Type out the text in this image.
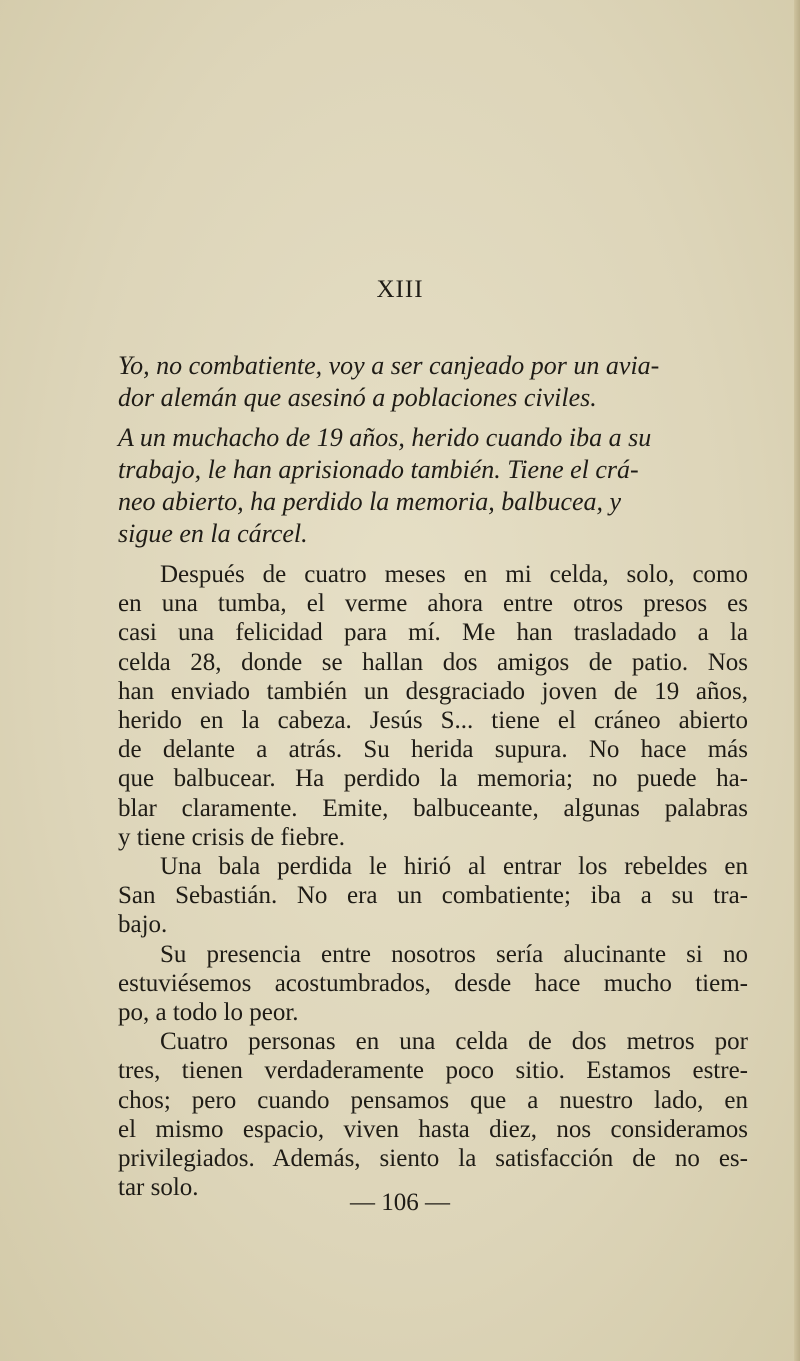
XIII

Yo, no combatiente, voy a ser canjeado por un avia-
dor alemán que asesinó a poblaciones civiles.

A un muchacho de 19 años, herido cuando iba a su
trabajo, le han aprisionado también. Tiene el crá-
neo abierto, ha perdido la memoria, balbucea, y
sigue en la cárcel.

Después de cuatro meses en mi celda, solo, como
en una tumba, el verme ahora entre otros presos es
casi una felicidad para mí. Me han trasladado a la
celda 28, donde se hallan dos amigos de patio. Nos
han enviado también un desgraciado joven de 19 años,
herido en la cabeza. Jesús S... tiene el cráneo abierto
de delante a atrás. Su herida supura. No hace más
que balbucear. Ha perdido la memoria; no puede ha-
blar claramente. Emite, balbuceante, algunas palabras
y tiene crisis de fiebre.
Una bala perdida le hirió al entrar los rebeldes en
San Sebastián. No era un combatiente; iba a su tra-
bajo.
Su presencia entre nosotros sería alucinante si no
estuviésemos acostumbrados, desde hace mucho tiem-
po, a todo lo peor.
Cuatro personas en una celda de dos metros por
tres, tienen verdaderamente poco sitio. Estamos estre-
chos; pero cuando pensamos que a nuestro lado, en
el mismo espacio, viven hasta diez, nos consideramos
privilegiados. Además, siento la satisfacción de no es-
tar solo.
— 106 —
